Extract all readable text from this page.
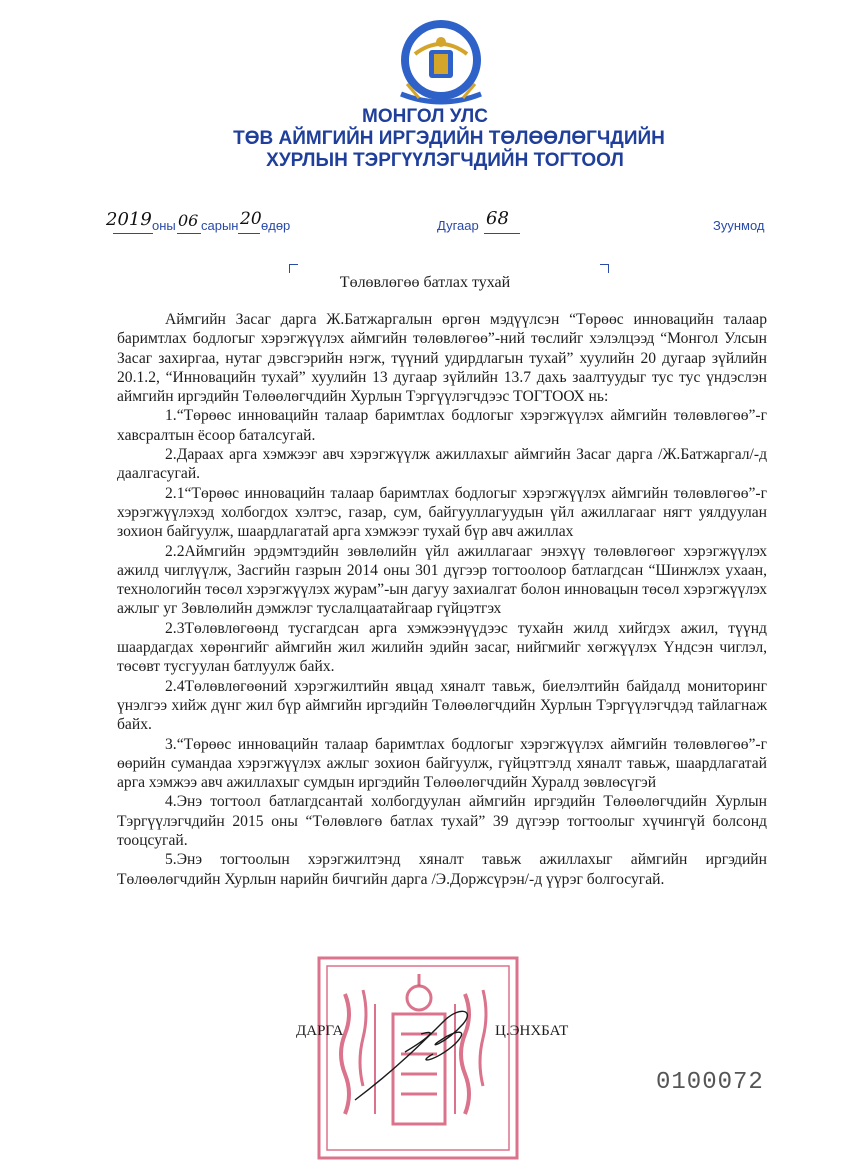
МОНГОЛ УЛС
ТӨВ АЙМГИЙН ИРГЭДИЙН ТӨЛӨӨЛӨГЧДИЙН
ХУРЛЫН ТЭРГҮҮЛЭГЧДИЙН ТОГТООЛ

2019 оны
06 сарын
20 өдөр	Дугаар
68	Зуунмод
Төлөвлөгөө батлах тухай

Аймгийн Засаг дарга Ж.Батжаргалын өргөн мэдүүлсэн “Төрөөс инновацийн талаар баримтлах бодлогыг хэрэгжүүлэх аймгийн төлөвлөгөө”-ний төслийг хэлэлцээд “Монгол Улсын Засаг захиргаа, нутаг дэвсгэрийн нэгж, түүний удирдлагын тухай” хуулийн 20 дугаар зүйлийн 20.1.2, “Инновацийн тухай” хуулийн 13 дугаар зүйлийн 13.7 дахь заалтуудыг тус тус үндэслэн аймгийн иргэдийн Төлөөлөгчдийн Хурлын Тэргүүлэгчдээс ТОГТООХ нь:

1.“Төрөөс инновацийн талаар баримтлах бодлогыг хэрэгжүүлэх аймгийн төлөвлөгөө”-г хавсралтын ёсоор баталсугай.

2.Дараах арга хэмжээг авч хэрэгжүүлж ажиллахыг аймгийн Засаг дарга /Ж.Батжаргал/-д даалгасугай.

2.1“Төрөөс инновацийн талаар баримтлах бодлогыг хэрэгжүүлэх аймгийн төлөвлөгөө”-г хэрэгжүүлэхэд холбогдох хэлтэс, газар, сум, байгууллагуудын үйл ажиллагааг нягт уялдуулан зохион байгуулж, шаардлагатай арга хэмжээг тухай бүр авч ажиллах

2.2Аймгийн эрдэмтэдийн зөвлөлийн үйл ажиллагааг энэхүү төлөвлөгөөг хэрэгжүүлэх ажилд чиглүүлж, Засгийн газрын 2014 оны 301 дүгээр тогтоолоор батлагдсан “Шинжлэх ухаан, технологийн төсөл хэрэгжүүлэх журам”-ын дагуу захиалгат болон инновацын төсөл хэрэгжүүлэх ажлыг уг Зөвлөлийн дэмжлэг туслалцаатайгаар гүйцэтгэх

2.3Төлөвлөгөөнд тусгагдсан арга хэмжээнүүдээс тухайн жилд хийгдэх ажил, түүнд шаардагдах хөрөнгийг аймгийн жил жилийн эдийн засаг, нийгмийг хөгжүүлэх Үндсэн чиглэл, төсөвт тусгуулан батлуулж байх.

2.4Төлөвлөгөөний хэрэгжилтийн явцад хяналт тавьж, биелэлтийн байдалд мониторинг үнэлгээ хийж дүнг жил бүр аймгийн иргэдийн Төлөөлөгчдийн Хурлын Тэргүүлэгчдэд тайлагнаж байх.

3.“Төрөөс инновацийн талаар баримтлах бодлогыг хэрэгжүүлэх аймгийн төлөвлөгөө”-г өөрийн сумандаа хэрэгжүүлэх ажлыг зохион байгуулж, гүйцэтгэлд хяналт тавьж, шаардлагатай арга хэмжээ авч ажиллахыг сумдын иргэдийн Төлөөлөгчдийн Хуралд зөвлөсүгэй

4.Энэ тогтоол батлагдсантай холбогдуулан аймгийн иргэдийн Төлөөлөгчдийн Хурлын Тэргүүлэгчдийн 2015 оны “Төлөвлөгө батлах тухай” 39 дүгээр тогтоолыг хүчингүй болсонд тооцсугай.

5.Энэ тогтоолын хэрэгжилтэнд хяналт тавьж ажиллахыг аймгийн иргэдийн Төлөөлөгчдийн Хурлын нарийн бичгийн дарга /Э.Доржсүрэн/-д үүрэг болгосугай.

ДАРГА	Ц.ЭНХБАТ
0100072
